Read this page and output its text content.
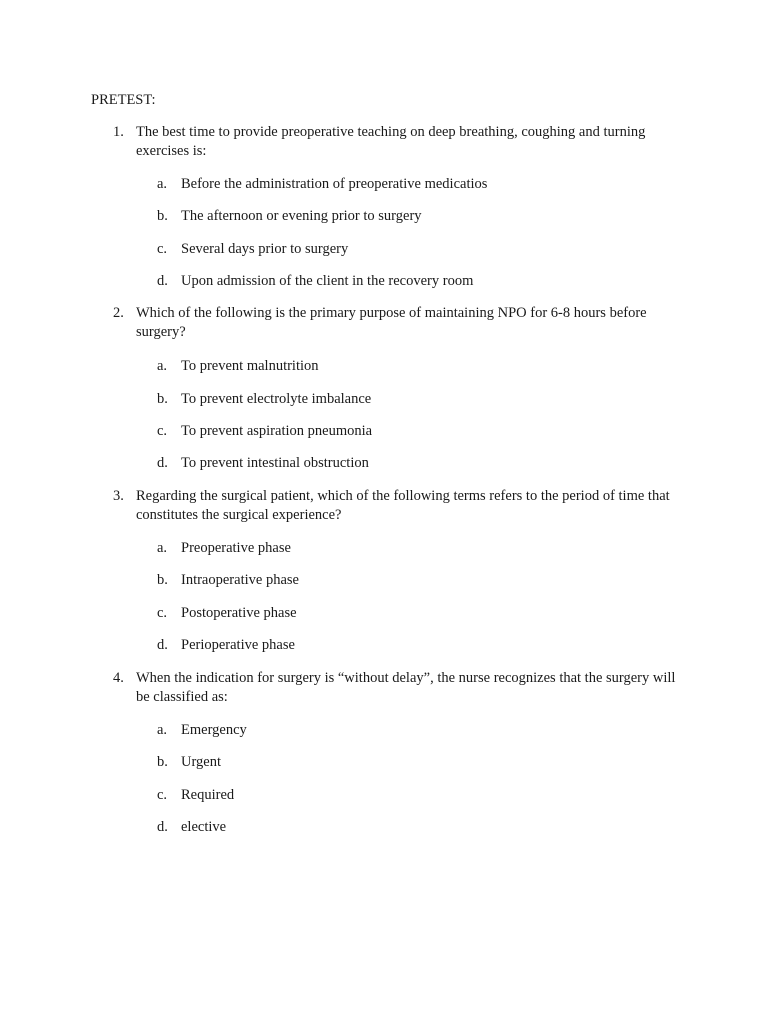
PRETEST:
1. The best time to provide preoperative teaching on deep breathing, coughing and turning exercises is:
a. Before the administration of preoperative medicatios
b. The afternoon or evening prior to surgery
c. Several days prior to surgery
d. Upon admission of the client in the recovery room
2. Which of the following is the primary purpose of maintaining NPO for 6-8 hours before surgery?
a. To prevent malnutrition
b. To prevent electrolyte imbalance
c. To prevent aspiration pneumonia
d. To prevent intestinal obstruction
3. Regarding the surgical patient, which of the following terms refers to the period of time that constitutes the surgical experience?
a. Preoperative phase
b. Intraoperative phase
c. Postoperative phase
d. Perioperative phase
4. When the indication for surgery is “without delay”, the nurse recognizes that the surgery will be classified as:
a. Emergency
b. Urgent
c. Required
d. elective
